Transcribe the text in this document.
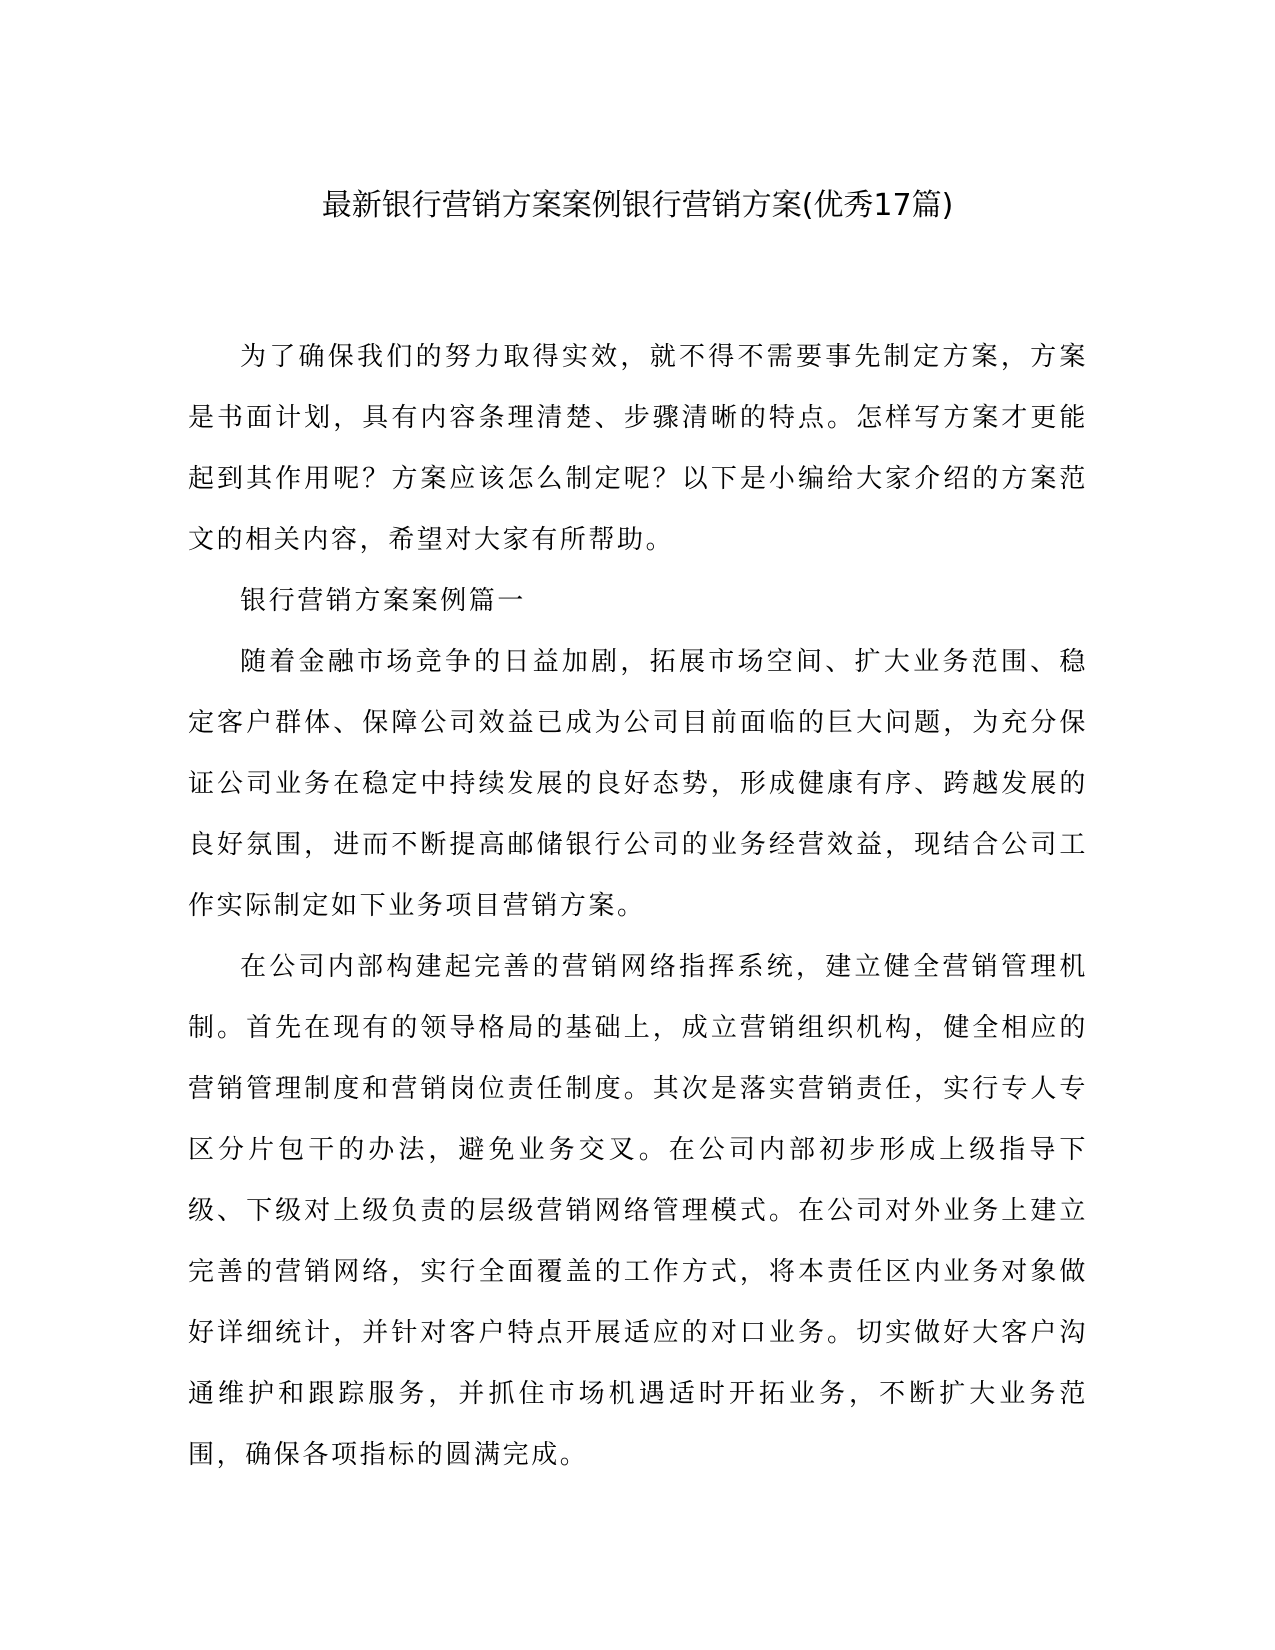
最新银行营销方案案例银行营销方案(优秀17篇)

为了确保我们的努力取得实效，就不得不需要事先制定方案，方案是书面计划，具有内容条理清楚、步骤清晰的特点。怎样写方案才更能起到其作用呢？方案应该怎么制定呢？以下是小编给大家介绍的方案范文的相关内容，希望对大家有所帮助。

银行营销方案案例篇一

随着金融市场竞争的日益加剧，拓展市场空间、扩大业务范围、稳定客户群体、保障公司效益已成为公司目前面临的巨大问题，为充分保证公司业务在稳定中持续发展的良好态势，形成健康有序、跨越发展的良好氛围，进而不断提高邮储银行公司的业务经营效益，现结合公司工作实际制定如下业务项目营销方案。

在公司内部构建起完善的营销网络指挥系统，建立健全营销管理机制。首先在现有的领导格局的基础上，成立营销组织机构，健全相应的营销管理制度和营销岗位责任制度。其次是落实营销责任，实行专人专区分片包干的办法，避免业务交叉。在公司内部初步形成上级指导下级、下级对上级负责的层级营销网络管理模式。在公司对外业务上建立完善的营销网络，实行全面覆盖的工作方式，将本责任区内业务对象做好详细统计，并针对客户特点开展适应的对口业务。切实做好大客户沟通维护和跟踪服务，并抓住市场机遇适时开拓业务，不断扩大业务范围，确保各项指标的圆满完成。
